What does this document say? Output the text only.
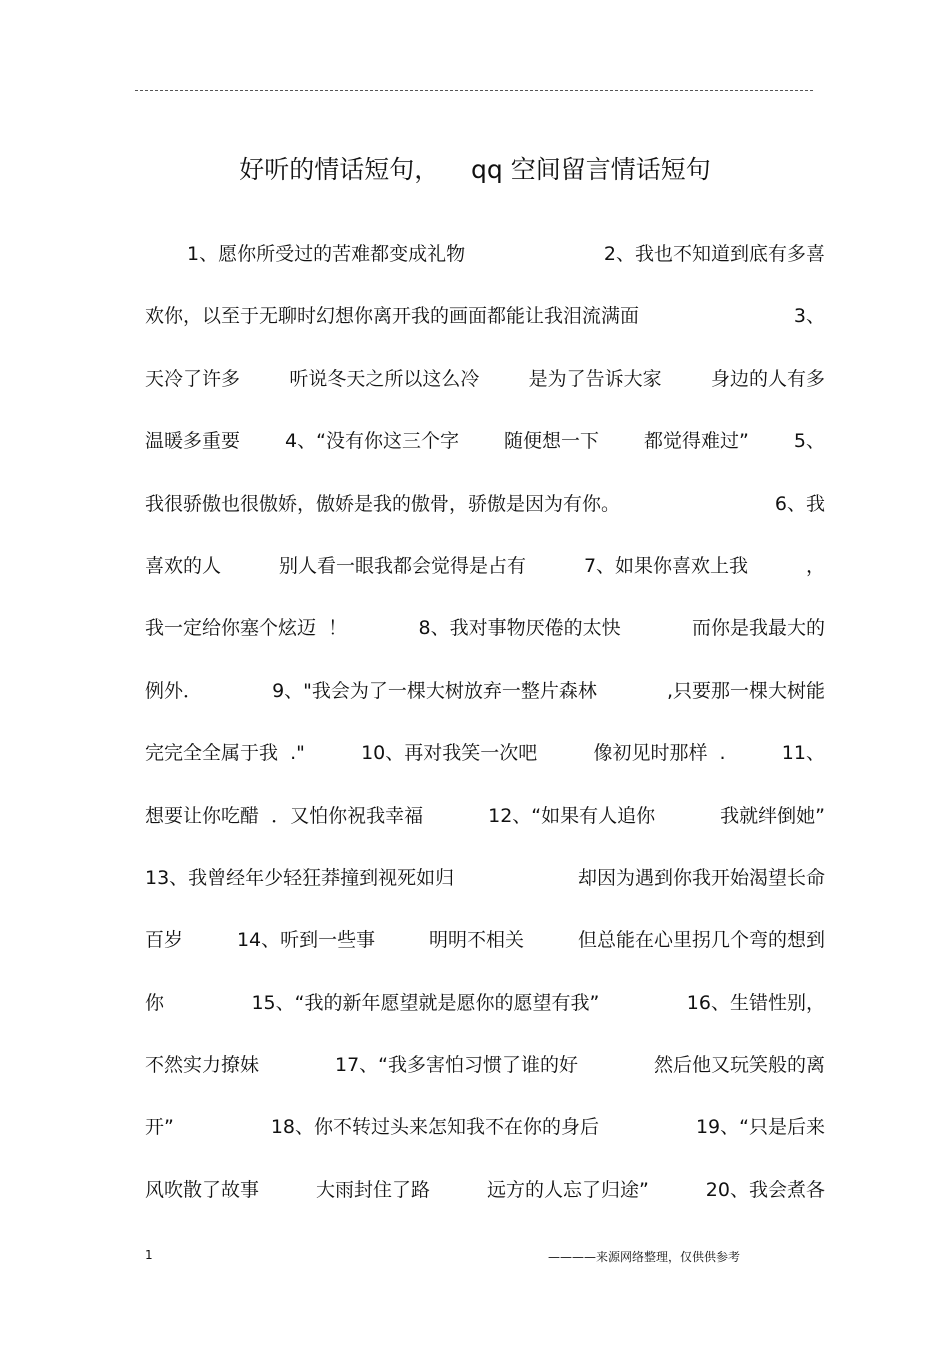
好听的情话短句，    qq 空间留言情话短句
1、愿你所受过的苦难都变成礼物	2、我也不知道到底有多喜
欢你，以至于无聊时幻想你离开我的画面都能让我泪流满面	3、
天冷了许多	听说冬天之所以这么冷	是为了告诉大家	身边的人有多
温暖多重要 4、“没有你这三个字 随便想一下 都觉得难过” 5、
我很骄傲也很傲娇，傲娇是我的傲骨，骄傲是因为有你。	6、我
喜欢的人	别人看一眼我都会觉得是占有	7、如果你喜欢上我	，
我一定给你塞个炫迈  ！	8、我对事物厌倦的太快	而你是我最大的
例外．	9、"我会为了一棵大树放弃一整片森林	,只要那一棵大树能
完完全全属于我  ."	10、再对我笑一次吧	像初见时那样  .	11、
想要让你吃醋  ．又怕你祝我幸福	12、“如果有人追你	我就绊倒她”
13、我曾经年少轻狂莽撞到视死如归	却因为遇到你我开始渴望长命
百岁	14、听到一些事	明明不相关	但总能在心里拐几个弯的想到
你	15、“我的新年愿望就是愿你的愿望有我”	16、生错性别，
不然实力撩妹	17、“我多害怕习惯了谁的好	然后他又玩笑般的离
开”	18、你不转过头来怎知我不在你的身后	19、“只是后来
风吹散了故事	大雨封住了路	远方的人忘了归途”	20、我会煮各
1	————来源网络整理，仅供供参考
